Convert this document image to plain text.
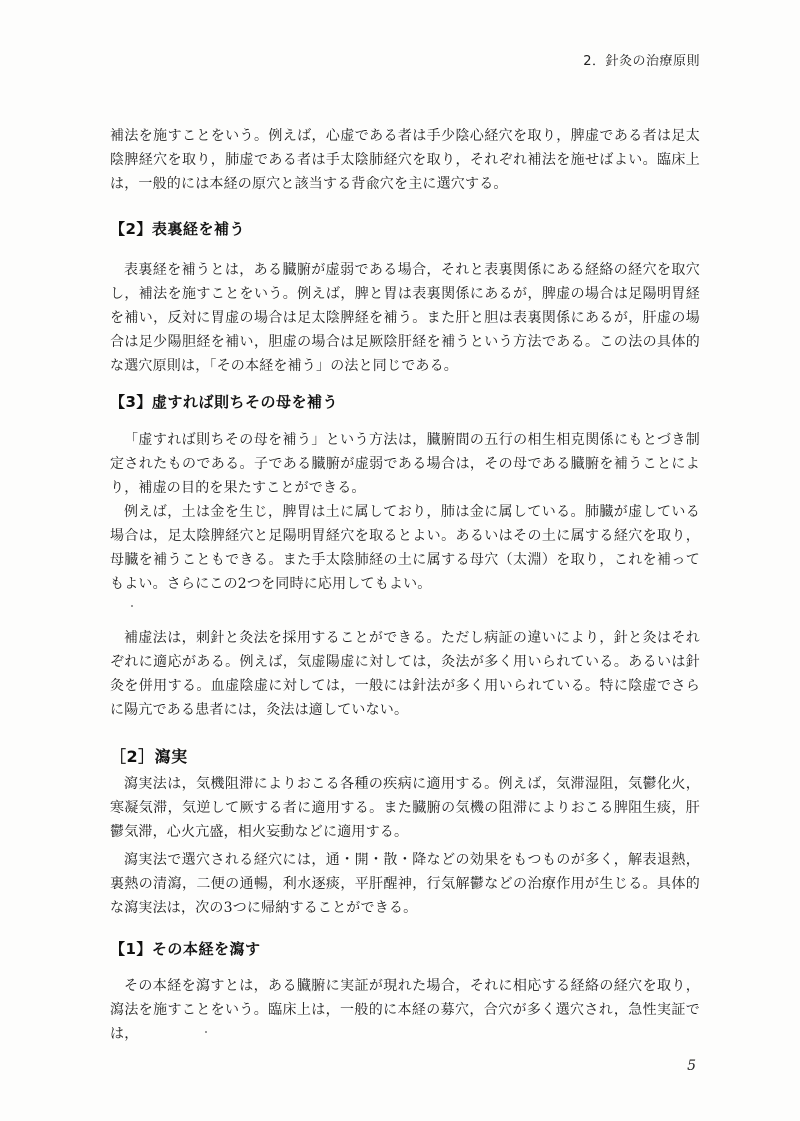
2．針灸の治療原則

補法を施すことをいう。例えば，心虚である者は手少陰心経穴を取り，脾虚である者は足太陰脾経穴を取り，肺虚である者は手太陰肺経穴を取り，それぞれ補法を施せばよい。臨床上は，一般的には本経の原穴と該当する背兪穴を主に選穴する。

【2】表裏経を補う

表裏経を補うとは，ある臓腑が虚弱である場合，それと表裏関係にある経絡の経穴を取穴し，補法を施すことをいう。例えば，脾と胃は表裏関係にあるが，脾虚の場合は足陽明胃経を補い，反対に胃虚の場合は足太陰脾経を補う。また肝と胆は表裏関係にあるが，肝虚の場合は足少陽胆経を補い，胆虚の場合は足厥陰肝経を補うという方法である。この法の具体的な選穴原則は，「その本経を補う」の法と同じである。

【3】虚すれば則ちその母を補う

「虚すれば則ちその母を補う」という方法は，臓腑間の五行の相生相克関係にもとづき制定されたものである。子である臓腑が虚弱である場合は，その母である臓腑を補うことにより，補虚の目的を果たすことができる。

例えば，土は金を生じ，脾胃は土に属しており，肺は金に属している。肺臓が虚している場合は，足太陰脾経穴と足陽明胃経穴を取るとよい。あるいはその土に属する経穴を取り，母臓を補うこともできる。また手太陰肺経の土に属する母穴（太淵）を取り，これを補ってもよい。さらにこの2つを同時に応用してもよい。

補虚法は，刺針と灸法を採用することができる。ただし病証の違いにより，針と灸はそれぞれに適応がある。例えば，気虚陽虚に対しては，灸法が多く用いられている。あるいは針灸を併用する。血虚陰虚に対しては，一般には針法が多く用いられている。特に陰虚でさらに陽亢である患者には，灸法は適していない。

［2］瀉実

瀉実法は，気機阻滞によりおこる各種の疾病に適用する。例えば，気滞湿阻，気鬱化火，寒凝気滞，気逆して厥する者に適用する。また臓腑の気機の阻滞によりおこる脾阻生痰，肝鬱気滞，心火亢盛，相火妄動などに適用する。

瀉実法で選穴される経穴には，通・開・散・降などの効果をもつものが多く，解表退熱，裏熱の清瀉，二便の通暢，利水逐痰，平肝醒神，行気解鬱などの治療作用が生じる。具体的な瀉実法は，次の3つに帰納することができる。

【1】その本経を瀉す

その本経を瀉すとは，ある臓腑に実証が現れた場合，それに相応する経絡の経穴を取り，瀉法を施すことをいう。臨床上は，一般的に本経の募穴，合穴が多く選穴され，急性実証では，

5
